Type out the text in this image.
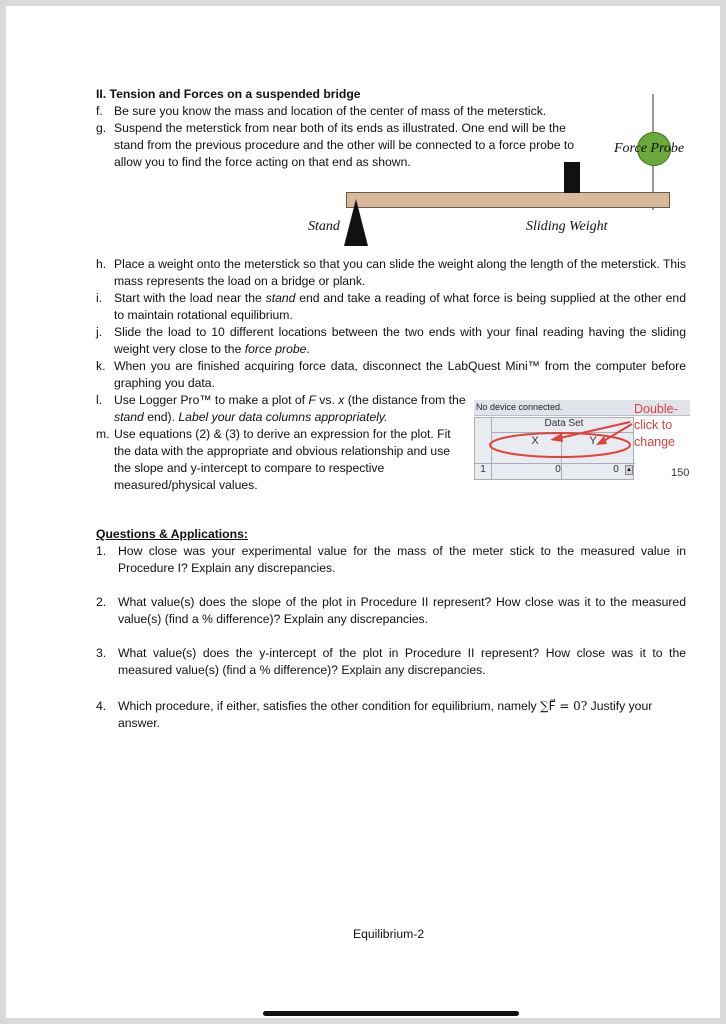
II. Tension and Forces on a suspended bridge
f. Be sure you know the mass and location of the center of mass of the meterstick.
g. Suspend the meterstick from near both of its ends as illustrated. One end will be the stand from the previous procedure and the other will be connected to a force probe to allow you to find the force acting on that end as shown.
Force Probe
Stand	Sliding Weight
h. Place a weight onto the meterstick so that you can slide the weight along the length of the meterstick. This mass represents the load on a bridge or plank.
i. Start with the load near the stand end and take a reading of what force is being supplied at the other end to maintain rotational equilibrium.
j. Slide the load to 10 different locations between the two ends with your final reading having the sliding weight very close to the force probe.
k. When you are finished acquiring force data, disconnect the LabQuest Mini™ from the computer before graphing you data.
l. Use Logger Pro™ to make a plot of F vs. x (the distance from the stand end). Label your data columns appropriately.
m. Use equations (2) & (3) to derive an expression for the plot. Fit the data with the appropriate and obvious relationship and use the slope and y-intercept to compare to respective measured/physical values.
No device connected.
Data Set
X	Y
1	0	0	▲
Double-
click to
change
150
Questions & Applications:
1. How close was your experimental value for the mass of the meter stick to the measured value in Procedure I? Explain any discrepancies.
2. What value(s) does the slope of the plot in Procedure II represent? How close was it to the measured value(s) (find a % difference)? Explain any discrepancies.
3. What value(s) does the y-intercept of the plot in Procedure II represent? How close was it to the measured value(s) (find a % difference)? Explain any discrepancies.
4. Which procedure, if either, satisfies the other condition for equilibrium, namely ∑F⃗ = 0? Justify your answer.
Equilibrium-2
